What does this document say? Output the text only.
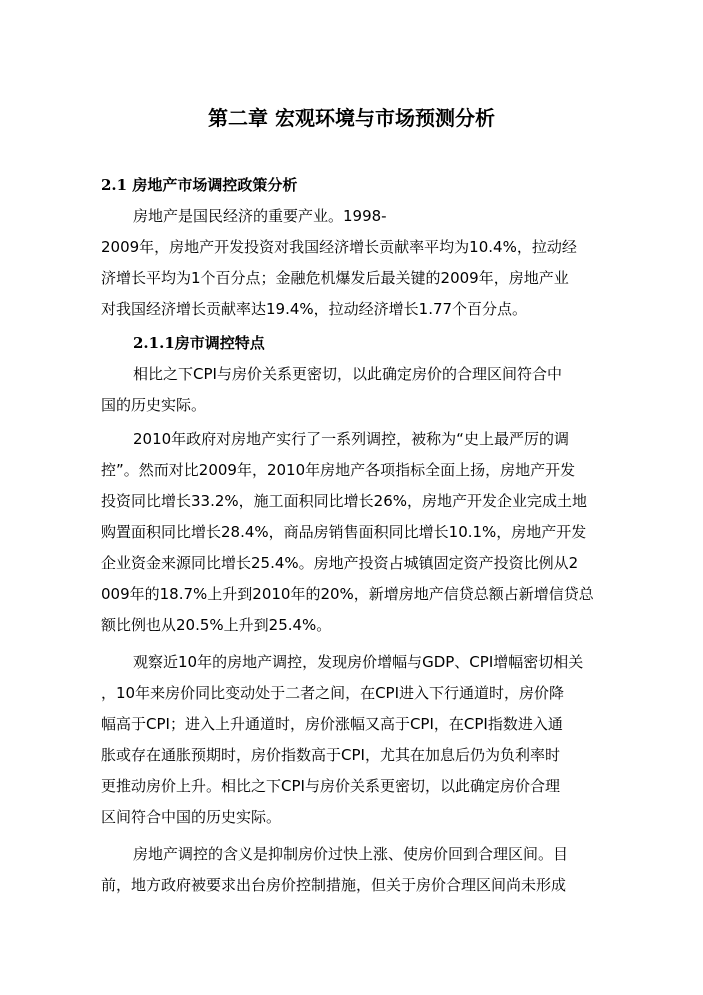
第二章 宏观环境与市场预测分析
2.1 房地产市场调控政策分析
房地产是国民经济的重要产业。1998-
2009年，房地产开发投资对我国经济增长贡献率平均为10.4%，拉动经
济增长平均为1个百分点；金融危机爆发后最关键的2009年，房地产业
对我国经济增长贡献率达19.4%，拉动经济增长1.77个百分点。
2.1.1房市调控特点
相比之下CPI与房价关系更密切，以此确定房价的合理区间符合中
国的历史实际。
2010年政府对房地产实行了一系列调控，被称为“史上最严厉的调
控”。然而对比2009年，2010年房地产各项指标全面上扬，房地产开发
投资同比增长33.2%，施工面积同比增长26%，房地产开发企业完成土地
购置面积同比增长28.4%，商品房销售面积同比增长10.1%，房地产开发
企业资金来源同比增长25.4%。房地产投资占城镇固定资产投资比例从2
009年的18.7%上升到2010年的20%，新增房地产信贷总额占新增信贷总
额比例也从20.5%上升到25.4%。
观察近10年的房地产调控，发现房价增幅与GDP、CPI增幅密切相关
，10年来房价同比变动处于二者之间，在CPI进入下行通道时，房价降
幅高于CPI；进入上升通道时，房价涨幅又高于CPI，在CPI指数进入通
胀或存在通胀预期时，房价指数高于CPI，尤其在加息后仍为负利率时
更推动房价上升。相比之下CPI与房价关系更密切，以此确定房价合理
区间符合中国的历史实际。
房地产调控的含义是抑制房价过快上涨、使房价回到合理区间。目
前，地方政府被要求出台房价控制措施，但关于房价合理区间尚未形成
